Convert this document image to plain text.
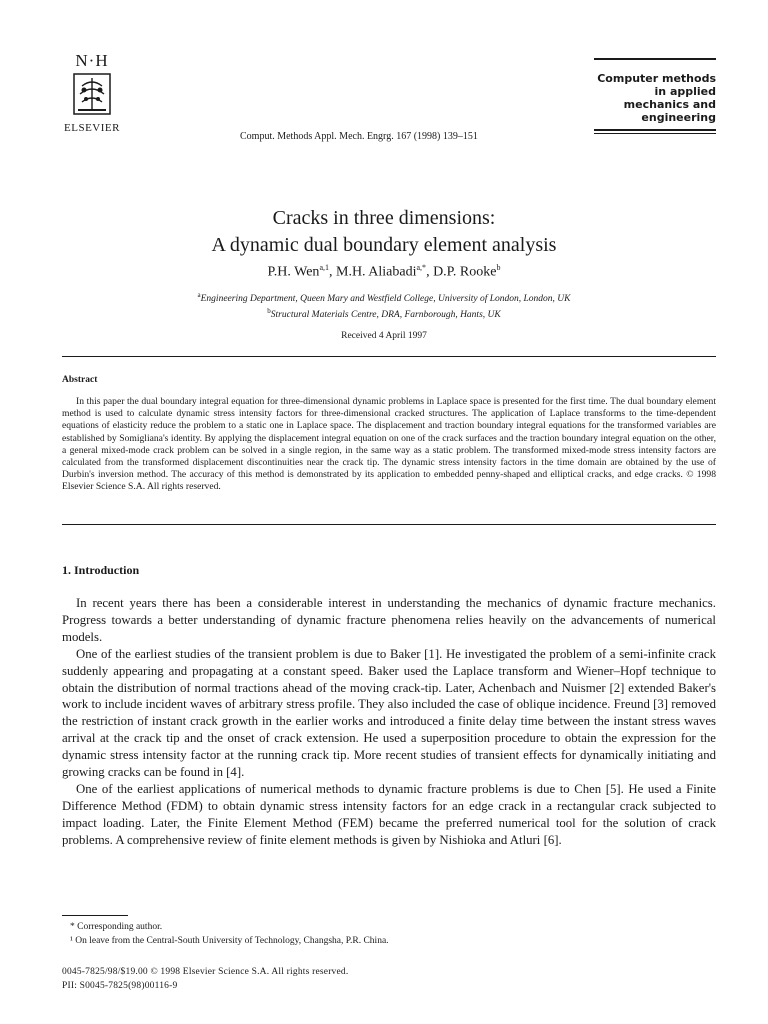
N·H
ELSEVIER
Comput. Methods Appl. Mech. Engrg. 167 (1998) 139–151
Computer methods
in applied
mechanics and
engineering
Cracks in three dimensions:
A dynamic dual boundary element analysis
P.H. Wen$^{a,1}$, M.H. Aliabadi$^{a,*}$, D.P. Rooke$^b$
$^a$Engineering Department, Queen Mary and Westfield College, University of London, London, UK
$^b$Structural Materials Centre, DRA, Farnborough, Hants, UK
Received 4 April 1997
Abstract
In this paper the dual boundary integral equation for three-dimensional dynamic problems in Laplace space is presented for the first time. The dual boundary element method is used to calculate dynamic stress intensity factors for three-dimensional cracked structures. The application of Laplace transforms to the time-dependent equations of elasticity reduce the problem to a static one in Laplace space. The displacement and traction boundary integral equations for the transformed variables are established by Somigliana's identity. By applying the displacement integral equation on one of the crack surfaces and the traction boundary integral equation on the other, a general mixed-mode crack problem can be solved in a single region, in the same way as a static problem. The transformed mixed-mode stress intensity factors are calculated from the transformed displacement discontinuities near the crack tip. The dynamic stress intensity factors in the time domain are obtained by the use of Durbin's inversion method. The accuracy of this method is demonstrated by its application to embedded penny-shaped and elliptical cracks, and edge cracks. © 1998 Elsevier Science S.A. All rights reserved.
1. Introduction

In recent years there has been a considerable interest in understanding the mechanics of dynamic fracture mechanics. Progress towards a better understanding of dynamic fracture phenomena relies heavily on the advancements of numerical models.

One of the earliest studies of the transient problem is due to Baker [1]. He investigated the problem of a semi-infinite crack suddenly appearing and propagating at a constant speed. Baker used the Laplace transform and Wiener–Hopf technique to obtain the distribution of normal tractions ahead of the moving crack-tip. Later, Achenbach and Nuismer [2] extended Baker's work to include incident waves of arbitrary stress profile. They also included the case of oblique incidence. Freund [3] removed the restriction of instant crack growth in the earlier works and introduced a finite delay time between the instant stress waves arrival at the crack tip and the onset of crack extension. He used a superposition procedure to obtain the expression for the dynamic stress intensity factor at the running crack tip. More recent studies of transient effects for dynamically initiating and growing cracks can be found in [4].

One of the earliest applications of numerical methods to dynamic fracture problems is due to Chen [5]. He used a Finite Difference Method (FDM) to obtain dynamic stress intensity factors for an edge crack in a rectangular crack subjected to impact loading. Later, the Finite Element Method (FEM) became the preferred numerical tool for the solution of crack problems. A comprehensive review of finite element methods is given by Nishioka and Atluri [6].

* Corresponding author.
¹ On leave from the Central-South University of Technology, Changsha, P.R. China.
0045-7825/98/$19.00 © 1998 Elsevier Science S.A. All rights reserved.
PII: S0045-7825(98)00116-9
